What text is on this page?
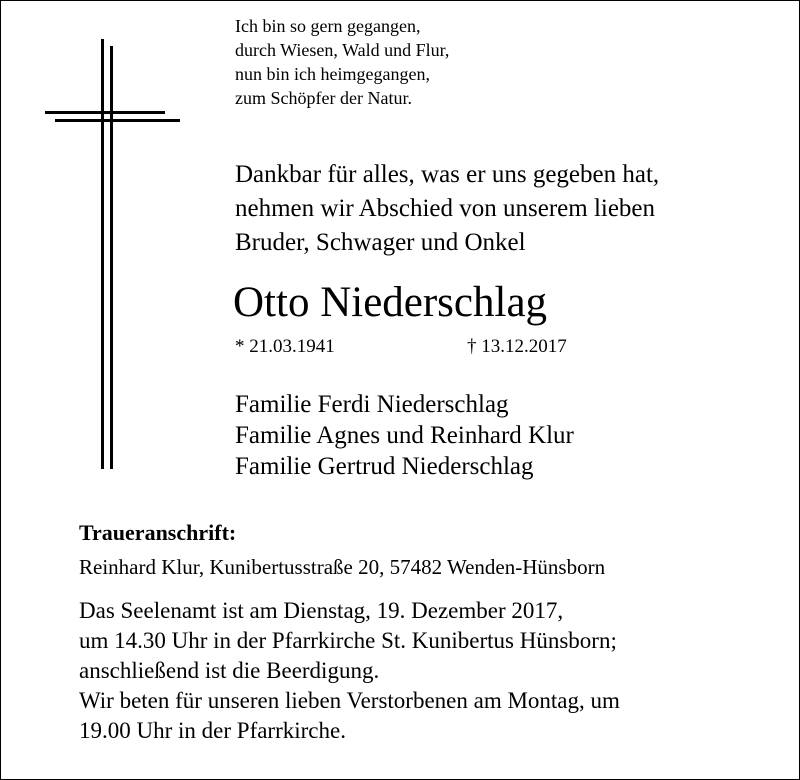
Ich bin so gern gegangen,
durch Wiesen, Wald und Flur,
nun bin ich heimgegangen,
zum Schöpfer der Natur.
Dankbar für alles, was er uns gegeben hat,
nehmen wir Abschied von unserem lieben
Bruder, Schwager und Onkel
Otto Niederschlag
* 21.03.1941	† 13.12.2017
Familie Ferdi Niederschlag
Familie Agnes und Reinhard Klur
Familie Gertrud Niederschlag
Traueranschrift:
Reinhard Klur, Kunibertusstraße 20, 57482 Wenden-Hünsborn
Das Seelenamt ist am Dienstag, 19. Dezember 2017,
um 14.30 Uhr in der Pfarrkirche St. Kunibertus Hünsborn;
anschließend ist die Beerdigung.
Wir beten für unseren lieben Verstorbenen am Montag, um
19.00 Uhr in der Pfarrkirche.
